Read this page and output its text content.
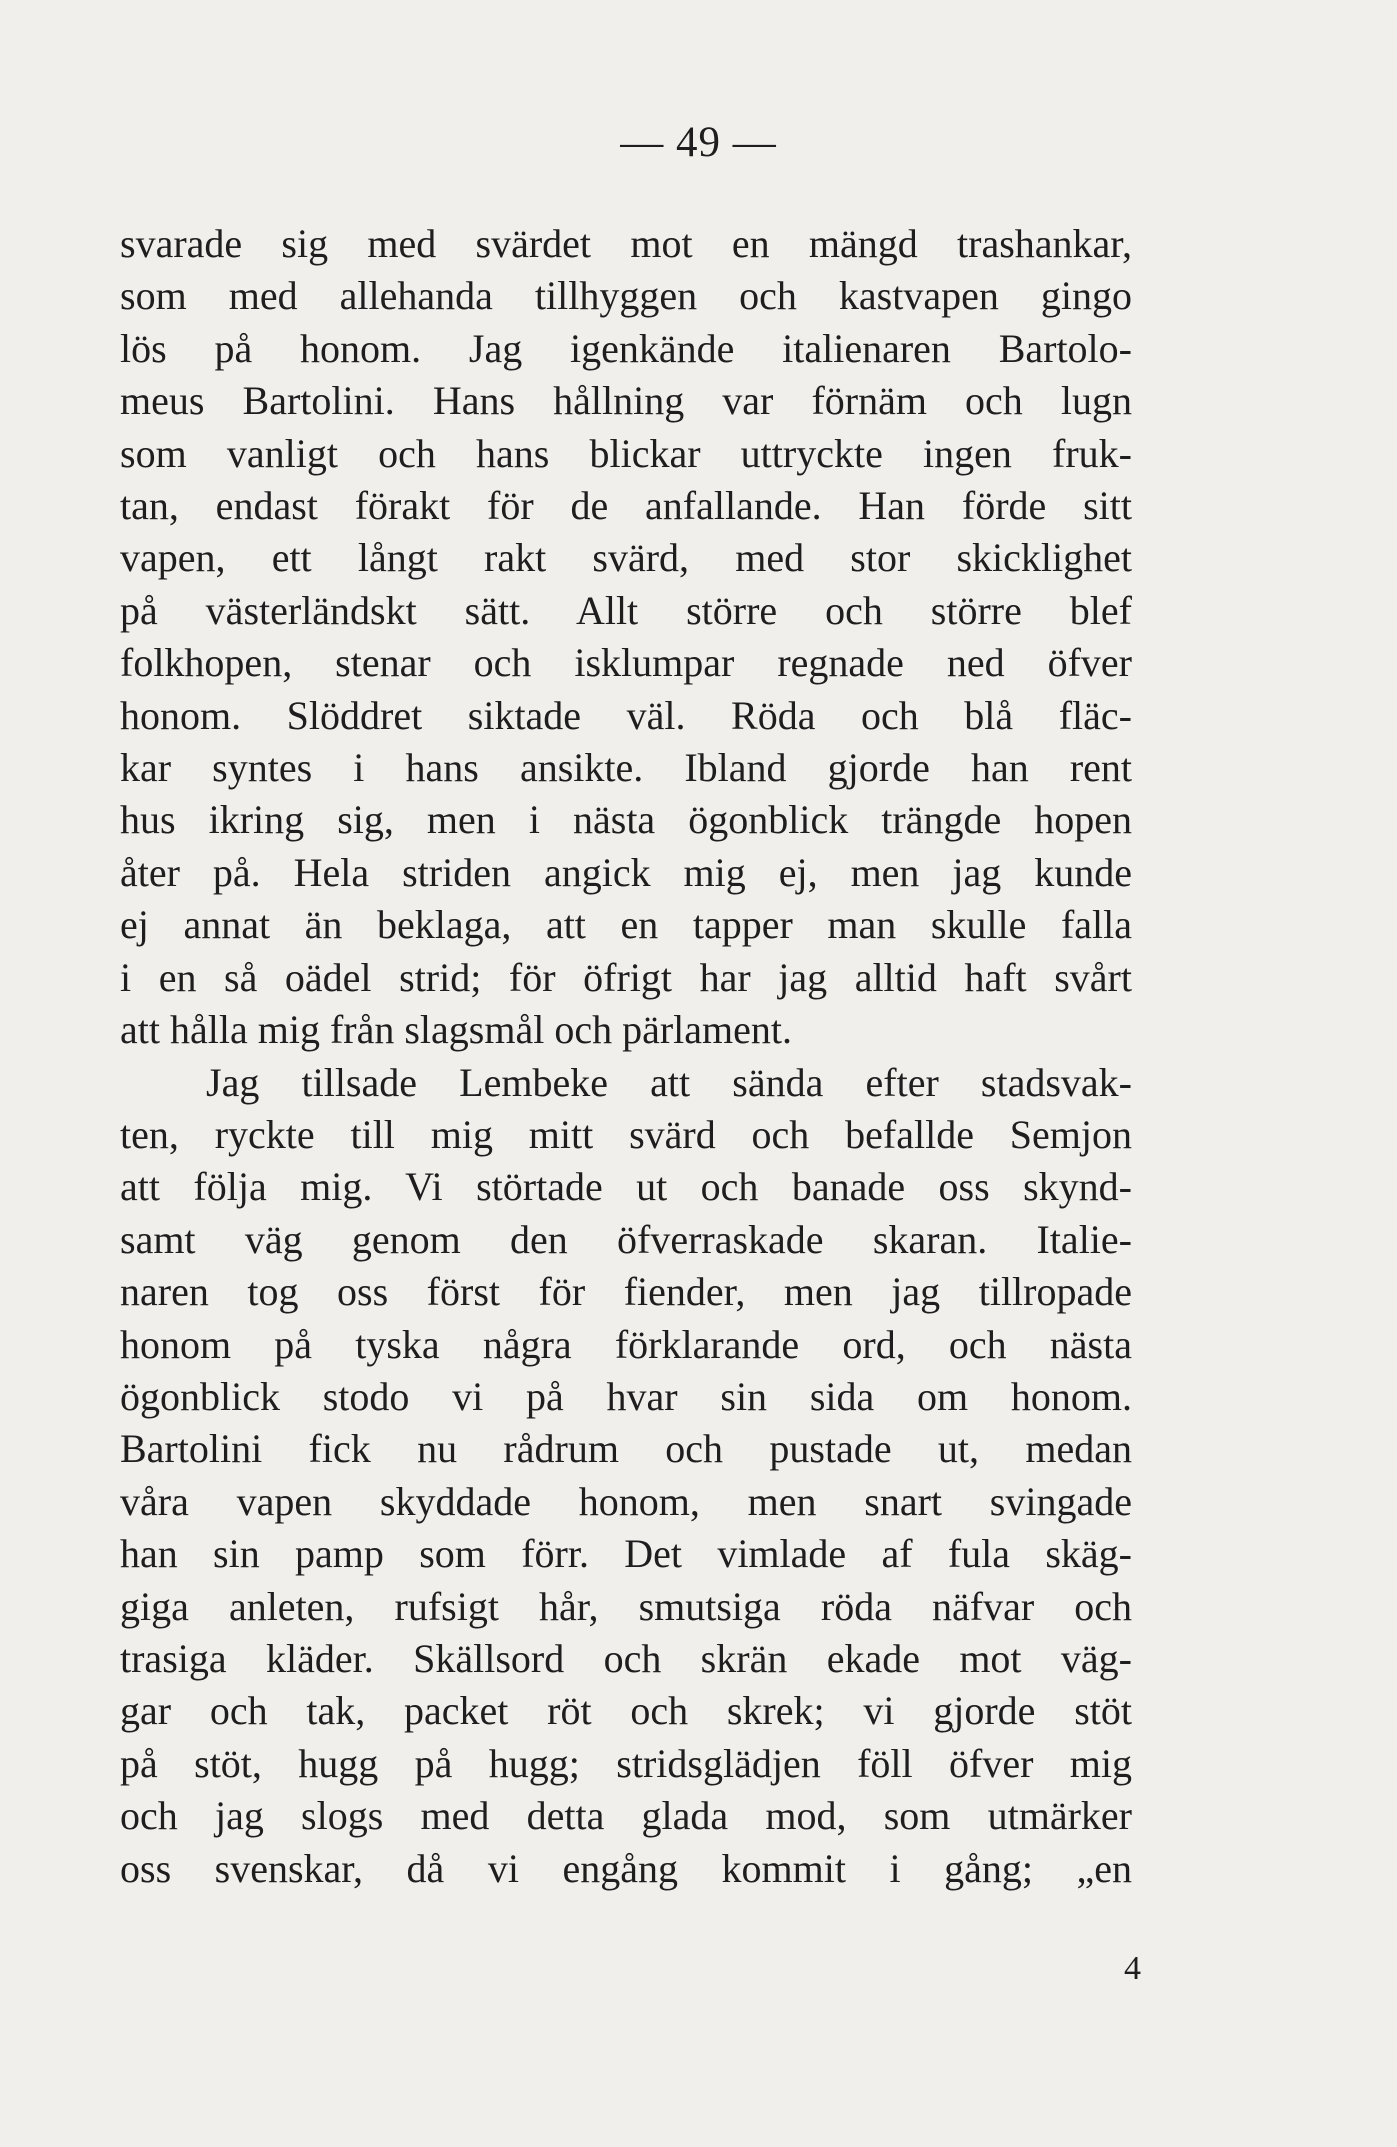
— 49 —
svarade sig med svärdet mot en mängd trashankar,
som med allehanda tillhyggen och kastvapen gingo
lös på honom. Jag igenkände italienaren Bartolo-
meus Bartolini. Hans hållning var förnäm och lugn
som vanligt och hans blickar uttryckte ingen fruk-
tan, endast förakt för de anfallande. Han förde sitt
vapen, ett långt rakt svärd, med stor skicklighet
på västerländskt sätt. Allt större och större blef
folkhopen, stenar och isklumpar regnade ned öfver
honom. Slöddret siktade väl. Röda och blå fläc-
kar syntes i hans ansikte. Ibland gjorde han rent
hus ikring sig, men i nästa ögonblick trängde hopen
åter på. Hela striden angick mig ej, men jag kunde
ej annat än beklaga, att en tapper man skulle falla
i en så oädel strid; för öfrigt har jag alltid haft svårt
att hålla mig från slagsmål och pärlament.
Jag tillsade Lembeke att sända efter stadsvak-
ten, ryckte till mig mitt svärd och befallde Semjon
att följa mig. Vi störtade ut och banade oss skynd-
samt väg genom den öfverraskade skaran. Italie-
naren tog oss först för fiender, men jag tillropade
honom på tyska några förklarande ord, och nästa
ögonblick stodo vi på hvar sin sida om honom.
Bartolini fick nu rådrum och pustade ut, medan
våra vapen skyddade honom, men snart svingade
han sin pamp som förr. Det vimlade af fula skäg-
giga anleten, rufsigt hår, smutsiga röda näfvar och
trasiga kläder. Skällsord och skrän ekade mot väg-
gar och tak, packet röt och skrek; vi gjorde stöt
på stöt, hugg på hugg; stridsglädjen föll öfver mig
och jag slogs med detta glada mod, som utmärker
oss svenskar, då vi engång kommit i gång; „en
4
